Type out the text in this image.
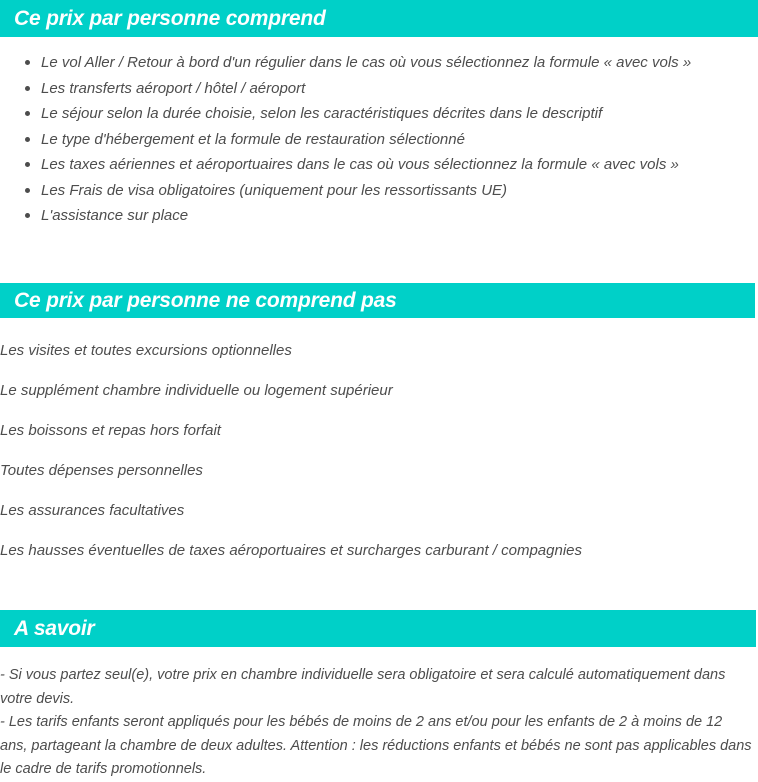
Ce prix par personne comprend
Le vol Aller / Retour à bord d'un régulier dans le cas où vous sélectionnez la formule « avec vols »
Les transferts aéroport / hôtel / aéroport
Le séjour selon la durée choisie, selon les caractéristiques décrites dans le descriptif
Le type d'hébergement et la formule de restauration sélectionné
Les taxes aériennes et aéroportuaires dans le cas où vous sélectionnez la formule « avec vols »
Les Frais de visa obligatoires (uniquement pour les ressortissants UE)
L'assistance sur place
Ce prix par personne ne comprend pas
Les visites et toutes excursions optionnelles
Le supplément chambre individuelle ou logement supérieur
Les boissons et repas hors forfait
Toutes dépenses personnelles
Les assurances facultatives
Les hausses éventuelles de taxes aéroportuaires et surcharges carburant / compagnies
A savoir

- Si vous partez seul(e), votre prix en chambre individuelle sera obligatoire et sera calculé automatiquement dans votre devis.

- Les tarifs enfants seront appliqués pour les bébés de moins de 2 ans et/ou pour les enfants de 2 à moins de 12 ans, partageant la chambre de deux adultes. Attention : les réductions enfants et bébés ne sont pas applicables dans le cadre de tarifs promotionnels.
